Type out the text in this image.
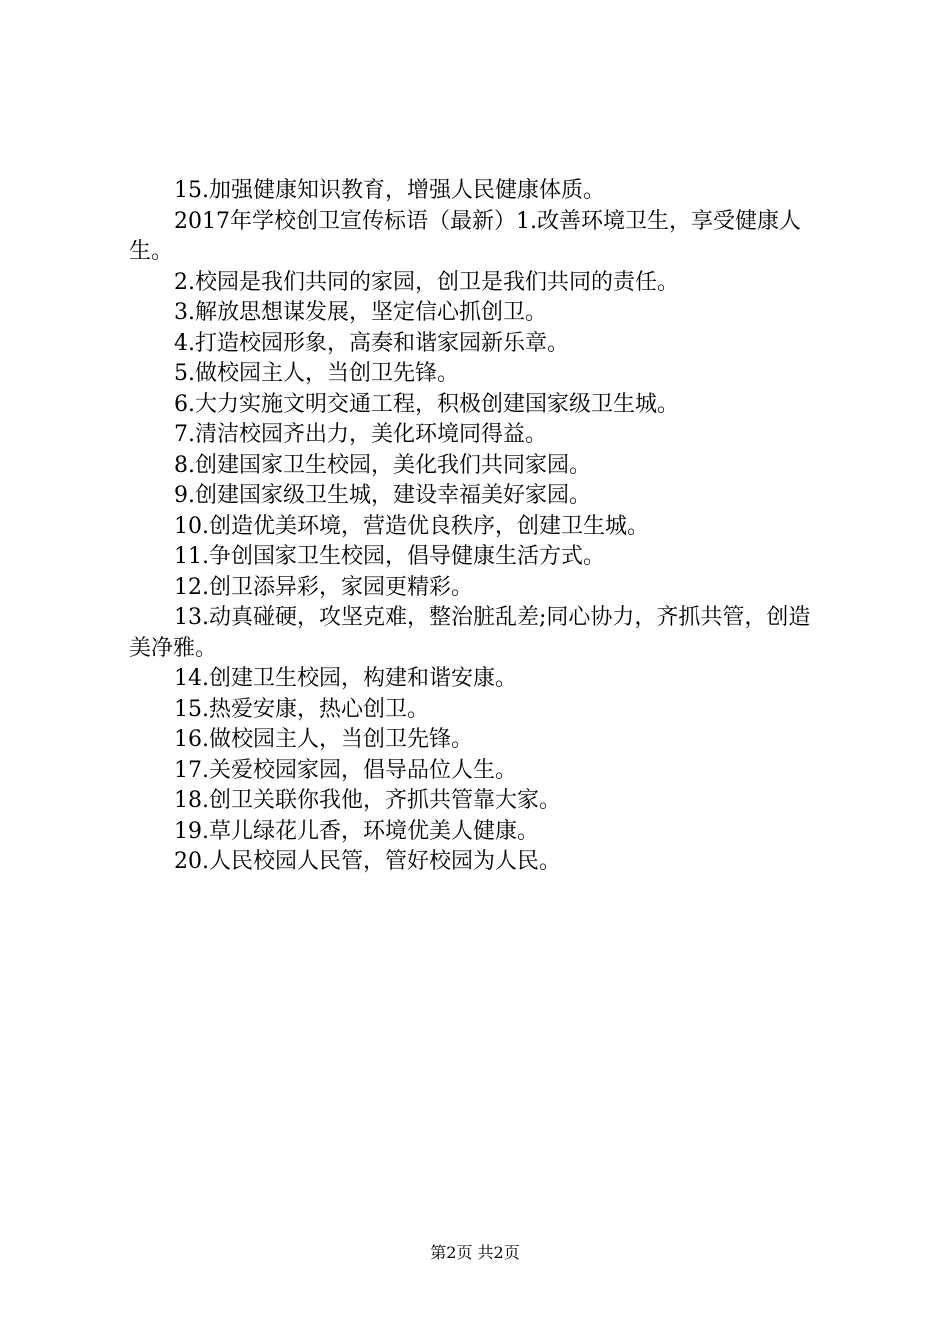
15.加强健康知识教育，增强人民健康体质。

2017年学校创卫宣传标语（最新）1.改善环境卫生，享受健康人生。

2.校园是我们共同的家园，创卫是我们共同的责任。

3.解放思想谋发展，坚定信心抓创卫。

4.打造校园形象，高奏和谐家园新乐章。

5.做校园主人，当创卫先锋。

6.大力实施文明交通工程，积极创建国家级卫生城。

7.清洁校园齐出力，美化环境同得益。

8.创建国家卫生校园，美化我们共同家园。

9.创建国家级卫生城，建设幸福美好家园。

10.创造优美环境，营造优良秩序，创建卫生城。

11.争创国家卫生校园，倡导健康生活方式。

12.创卫添异彩，家园更精彩。

13.动真碰硬，攻坚克难，整治脏乱差;同心协力，齐抓共管，创造美净雅。

14.创建卫生校园，构建和谐安康。

15.热爱安康，热心创卫。

16.做校园主人，当创卫先锋。

17.关爱校园家园，倡导品位人生。

18.创卫关联你我他，齐抓共管靠大家。

19.草儿绿花儿香，环境优美人健康。

20.人民校园人民管，管好校园为人民。

第2页 共2页
